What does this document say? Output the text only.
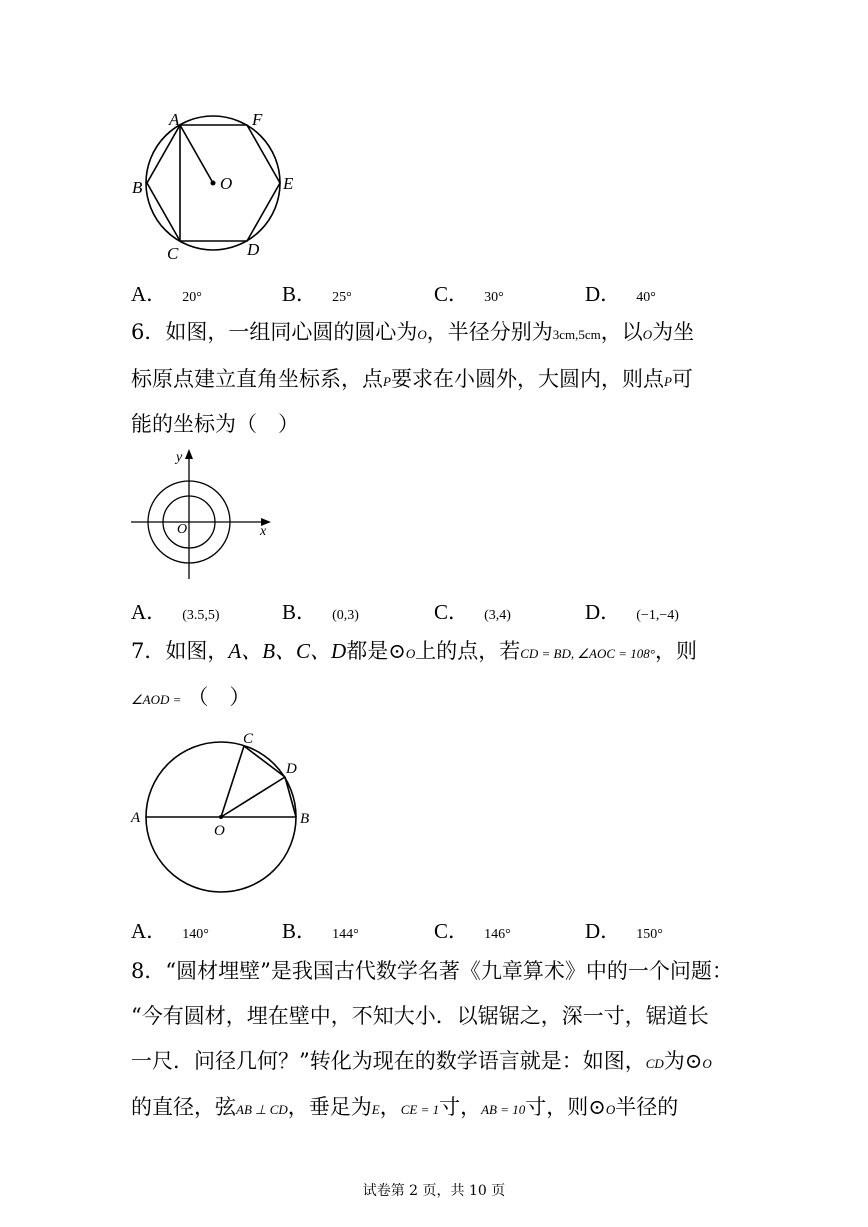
A	F
O
B	E
C	D
A． 20°	B． 25°	C． 30°	D． 40°
6．如图，一组同心圆的圆心为O，半径分别为3cm,5cm，以O为坐
标原点建立直角坐标系，点P要求在小圆外，大圆内，则点P可
能的坐标为（　）
y
O	x
A． (3.5,5)	B． (0,3)	C． (3,4)	D． (−1,−4)
7．如图，A、B、C、D都是⊙O上的点，若CD = BD, ∠AOC = 108°，则
∠AOD = （　）
A	B
C
D
O
A． 140°	B． 144°	C． 146°	D． 150°
8．“圆材埋壁”是我国古代数学名著《九章算术》中的一个问题：
“今有圆材，埋在壁中，不知大小．以锯锯之，深一寸，锯道长
一尺．问径几何？”转化为现在的数学语言就是：如图，CD为⊙O
的直径，弦AB ⊥ CD，垂足为E，CE = 1寸，AB = 10寸，则⊙O半径的
试卷第 2 页，共 10 页
